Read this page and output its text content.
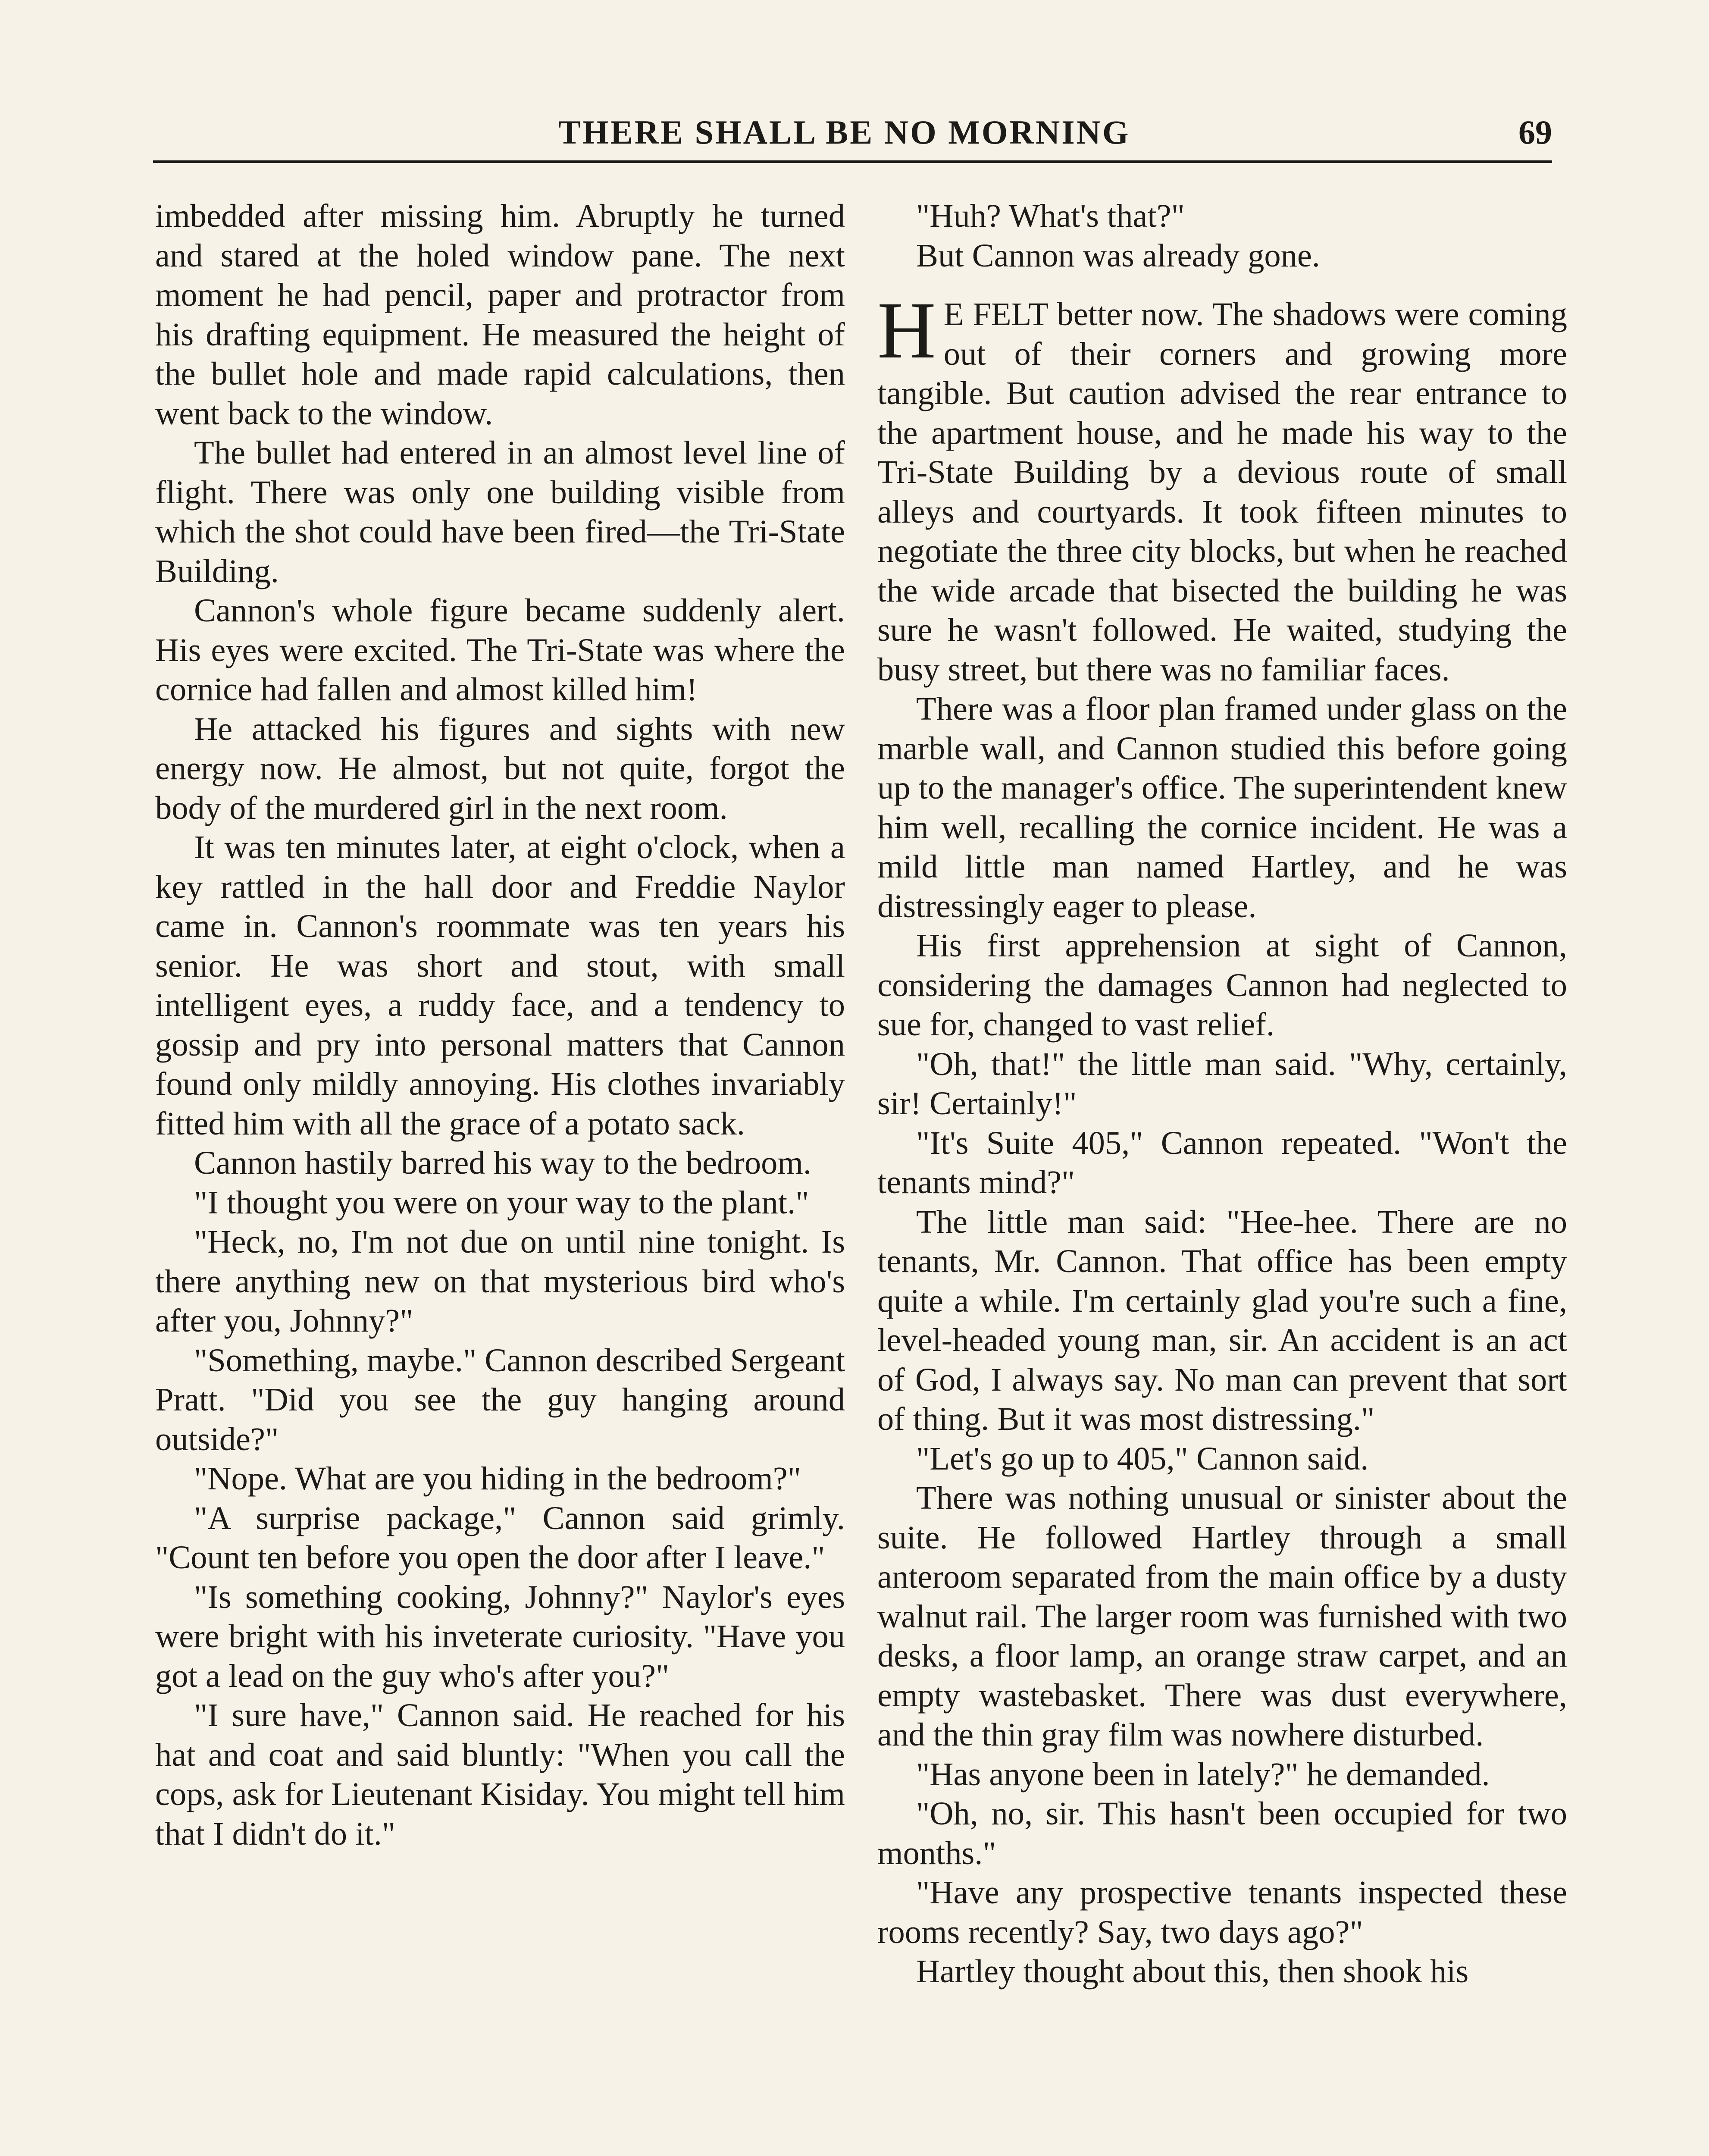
THERE SHALL BE NO MORNING	69

imbedded after missing him. Abruptly he turned and stared at the holed window pane. The next moment he had pencil, paper and protractor from his drafting equipment. He measured the height of the bullet hole and made rapid calculations, then went back to the window.

The bullet had entered in an almost level line of flight. There was only one building visible from which the shot could have been fired—the Tri-State Building.

Cannon's whole figure became suddenly alert. His eyes were excited. The Tri-State was where the cornice had fallen and almost killed him!

He attacked his figures and sights with new energy now. He almost, but not quite, forgot the body of the murdered girl in the next room.

It was ten minutes later, at eight o'clock, when a key rattled in the hall door and Freddie Naylor came in. Cannon's roommate was ten years his senior. He was short and stout, with small intelligent eyes, a ruddy face, and a tendency to gossip and pry into personal matters that Cannon found only mildly annoying. His clothes invariably fitted him with all the grace of a potato sack.

Cannon hastily barred his way to the bedroom.

"I thought you were on your way to the plant."

"Heck, no, I'm not due on until nine tonight. Is there anything new on that mysterious bird who's after you, Johnny?"

"Something, maybe." Cannon described Sergeant Pratt. "Did you see the guy hanging around outside?"

"Nope. What are you hiding in the bedroom?"

"A surprise package," Cannon said grimly. "Count ten before you open the door after I leave."

"Is something cooking, Johnny?" Naylor's eyes were bright with his inveterate curiosity. "Have you got a lead on the guy who's after you?"

"I sure have," Cannon said. He reached for his hat and coat and said bluntly: "When you call the cops, ask for Lieutenant Kisiday. You might tell him that I didn't do it."

"Huh? What's that?"

But Cannon was already gone.

H E FELT better now. The shadows were coming out of their corners and growing more tangible. But caution advised the rear entrance to the apartment house, and he made his way to the Tri-State Building by a devious route of small alleys and courtyards. It took fifteen minutes to negotiate the three city blocks, but when he reached the wide arcade that bisected the building he was sure he wasn't followed. He waited, studying the busy street, but there was no familiar faces.

There was a floor plan framed under glass on the marble wall, and Cannon studied this before going up to the manager's office. The superintendent knew him well, recalling the cornice incident. He was a mild little man named Hartley, and he was distressingly eager to please.

His first apprehension at sight of Cannon, considering the damages Cannon had neglected to sue for, changed to vast relief.

"Oh, that!" the little man said. "Why, certainly, sir! Certainly!"

"It's Suite 405," Cannon repeated. "Won't the tenants mind?"

The little man said: "Hee-hee. There are no tenants, Mr. Cannon. That office has been empty quite a while. I'm certainly glad you're such a fine, level-headed young man, sir. An accident is an act of God, I always say. No man can prevent that sort of thing. But it was most distressing."

"Let's go up to 405," Cannon said.

There was nothing unusual or sinister about the suite. He followed Hartley through a small anteroom separated from the main office by a dusty walnut rail. The larger room was furnished with two desks, a floor lamp, an orange straw carpet, and an empty wastebasket. There was dust everywhere, and the thin gray film was nowhere disturbed.

"Has anyone been in lately?" he demanded.

"Oh, no, sir. This hasn't been occupied for two months."

"Have any prospective tenants inspected these rooms recently? Say, two days ago?"

Hartley thought about this, then shook his
